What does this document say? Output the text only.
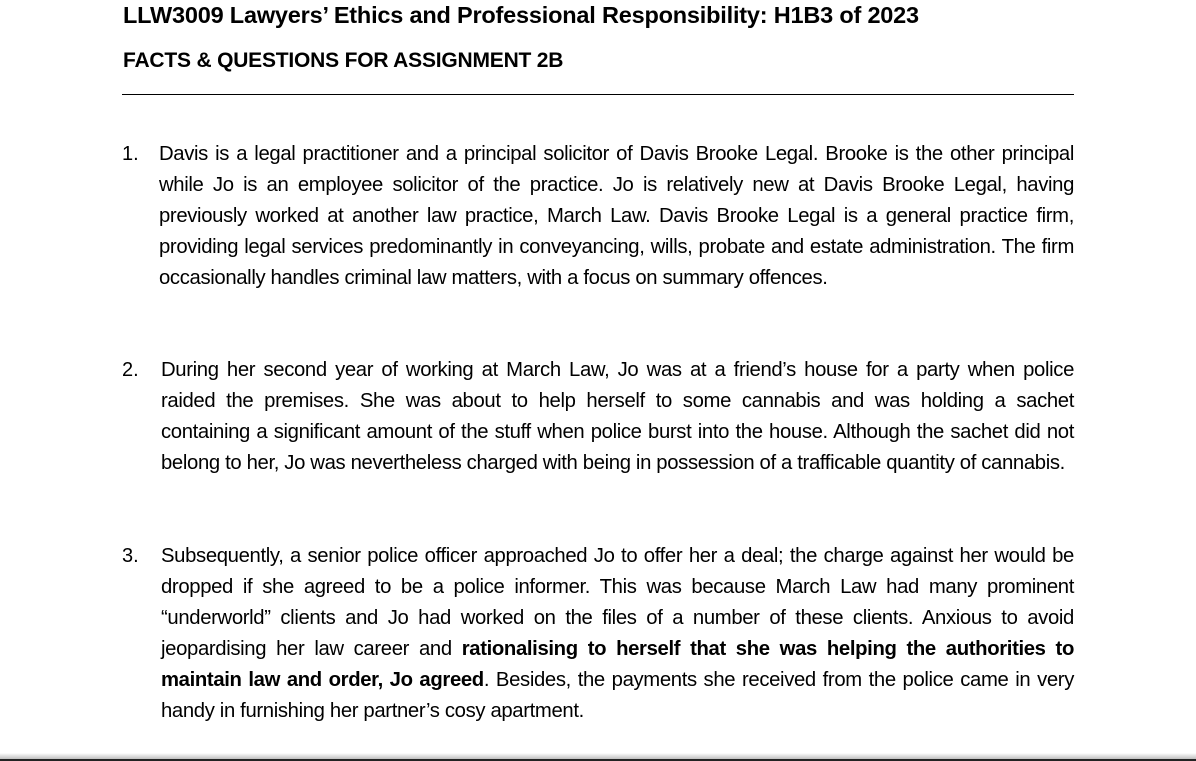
LLW3009 Lawyers’ Ethics and Professional Responsibility: H1B3 of 2023
FACTS & QUESTIONS FOR ASSIGNMENT 2B
1. Davis is a legal practitioner and a principal solicitor of Davis Brooke Legal. Brooke is the other principal while Jo is an employee solicitor of the practice. Jo is relatively new at Davis Brooke Legal, having previously worked at another law practice, March Law. Davis Brooke Legal is a general practice firm, providing legal services predominantly in conveyancing, wills, probate and estate administration. The firm occasionally handles criminal law matters, with a focus on summary offences.
2. During her second year of working at March Law, Jo was at a friend’s house for a party when police raided the premises. She was about to help herself to some cannabis and was holding a sachet containing a significant amount of the stuff when police burst into the house. Although the sachet did not belong to her, Jo was nevertheless charged with being in possession of a trafficable quantity of cannabis.
3. Subsequently, a senior police officer approached Jo to offer her a deal; the charge against her would be dropped if she agreed to be a police informer. This was because March Law had many prominent “underworld” clients and Jo had worked on the files of a number of these clients. Anxious to avoid jeopardising her law career and rationalising to herself that she was helping the authorities to maintain law and order, Jo agreed. Besides, the payments she received from the police came in very handy in furnishing her partner’s cosy apartment.
